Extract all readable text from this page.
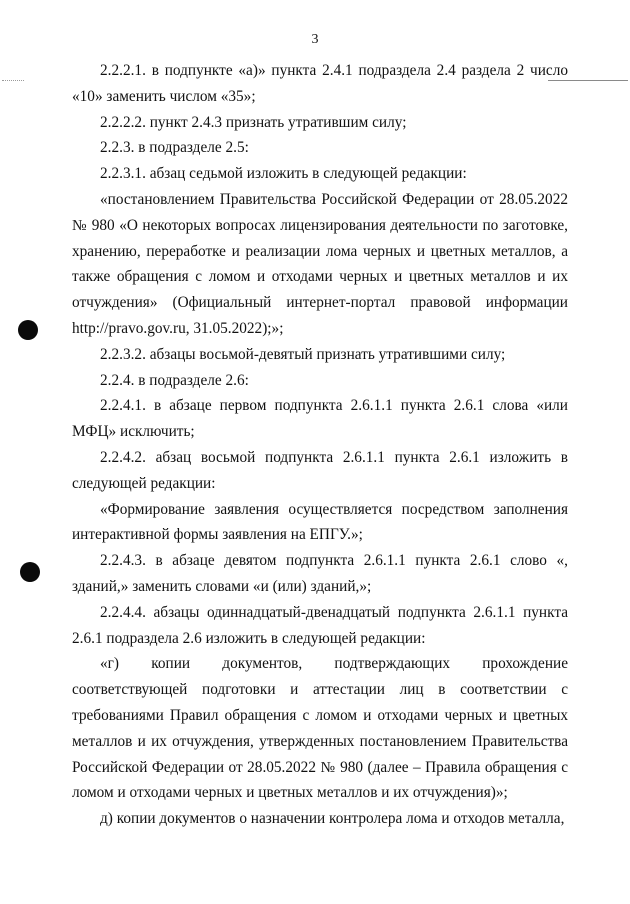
3

2.2.2.1. в подпункте «а)» пункта 2.4.1 подраздела 2.4 раздела 2 число «10» заменить числом «35»;

2.2.2.2. пункт 2.4.3 признать утратившим силу;

2.2.3. в подразделе 2.5:

2.2.3.1. абзац седьмой изложить в следующей редакции:

«постановлением Правительства Российской Федерации от 28.05.2022 № 980 «О некоторых вопросах лицензирования деятельности по заготовке, хранению, переработке и реализации лома черных и цветных металлов, а также обращения с ломом и отходами черных и цветных металлов и их отчуждения» (Официальный интернет-портал правовой информации http://pravo.gov.ru, 31.05.2022);»;

2.2.3.2. абзацы восьмой-девятый признать утратившими силу;

2.2.4. в подразделе 2.6:

2.2.4.1. в абзаце первом подпункта 2.6.1.1 пункта 2.6.1 слова «или МФЦ» исключить;

2.2.4.2. абзац восьмой подпункта 2.6.1.1 пункта 2.6.1 изложить в следующей редакции:

«Формирование заявления осуществляется посредством заполнения интерактивной формы заявления на ЕПГУ.»;

2.2.4.3. в абзаце девятом подпункта 2.6.1.1 пункта 2.6.1 слово «, зданий,» заменить словами «и (или) зданий,»;

2.2.4.4. абзацы одиннадцатый-двенадцатый подпункта 2.6.1.1 пункта 2.6.1 подраздела 2.6 изложить в следующей редакции:

«г) копии документов, подтверждающих прохождение соответствующей подготовки и аттестации лиц в соответствии с требованиями Правил обращения с ломом и отходами черных и цветных металлов и их отчуждения, утвержденных постановлением Правительства Российской Федерации от 28.05.2022 № 980 (далее – Правила обращения с ломом и отходами черных и цветных металлов и их отчуждения)»;

д) копии документов о назначении контролера лома и отходов металла,
